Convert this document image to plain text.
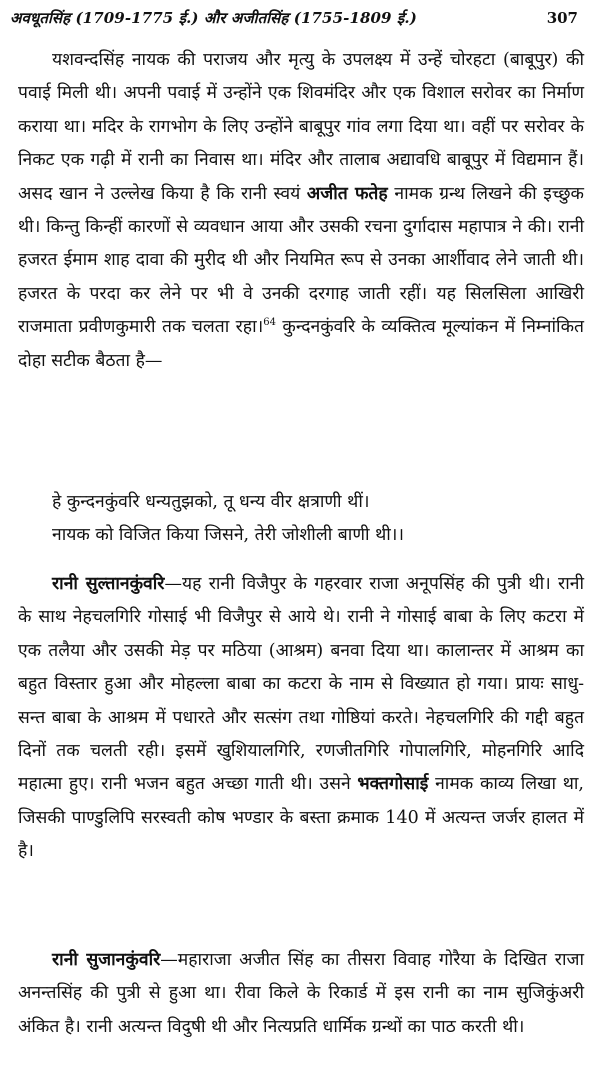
अवधूतसिंह (1709-1775 ई.) और अजीतसिंह (1755-1809 ई.)	307

यशवन्दसिंह नायक की पराजय और मृत्यु के उपलक्ष्य में उन्हें चोरहटा (बाबूपुर) की पवाई मिली थी। अपनी पवाई में उन्होंने एक शिवमंदिर और एक विशाल सरोवर का निर्माण कराया था। मदिर के रागभोग के लिए उन्होंने बाबूपुर गांव लगा दिया था। वहीं पर सरोवर के निकट एक गढ़ी में रानी का निवास था। मंदिर और तालाब अद्यावधि बाबूपुर में विद्यमान हैं। असद खान ने उल्लेख किया है कि रानी स्वयं अजीत फतेह नामक ग्रन्थ लिखने की इच्छुक थी। किन्तु किन्हीं कारणों से व्यवधान आया और उसकी रचना दुर्गादास महापात्र ने की। रानी हजरत ईमाम शाह दावा की मुरीद थी और नियमित रूप से उनका आर्शीवाद लेने जाती थी। हजरत के परदा कर लेने पर भी वे उनकी दरगाह जाती रहीं। यह सिलसिला आखिरी राजमाता प्रवीणकुमारी तक चलता रहा।$^{64}$ कुन्दनकुंवरि के व्यक्तित्व मूल्यांकन में निम्नांकित दोहा सटीक बैठता है—

हे कुन्दनकुंवरि धन्यतुझको, तू धन्य वीर क्षत्राणी थीं।
नायक को विजित किया जिसने, तेरी जोशीली बाणी थी।।

रानी सुल्तानकुंवरि—यह रानी विजैपुर के गहरवार राजा अनूपसिंह की पुत्री थी। रानी के साथ नेहचलगिरि गोसाई भी विजैपुर से आये थे। रानी ने गोसाई बाबा के लिए कटरा में एक तलैया और उसकी मेड़ पर मठिया (आश्रम) बनवा दिया था। कालान्तर में आश्रम का बहुत विस्तार हुआ और मोहल्ला बाबा का कटरा के नाम से विख्यात हो गया। प्रायः साधु-सन्त बाबा के आश्रम में पधारते और सत्संग तथा गोष्ठियां करते। नेहचलगिरि की गद्दी बहुत दिनों तक चलती रही। इसमें खुशियालगिरि, रणजीतगिरि गोपालगिरि, मोहनगिरि आदि महात्मा हुए। रानी भजन बहुत अच्छा गाती थी। उसने भक्तगोसाई नामक काव्य लिखा था, जिसकी पाण्डुलिपि सरस्वती कोष भण्डार के बस्ता क्रमाक 140 में अत्यन्त जर्जर हालत में है।

रानी सुजानकुंवरि—महाराजा अजीत सिंह का तीसरा विवाह गोरैया के दिखित राजा अनन्तसिंह की पुत्री से हुआ था। रीवा किले के रिकार्ड में इस रानी का नाम सुजिकुंअरी अंकित है। रानी अत्यन्त विदुषी थी और नित्यप्रति धार्मिक ग्रन्थों का पाठ करती थी।
